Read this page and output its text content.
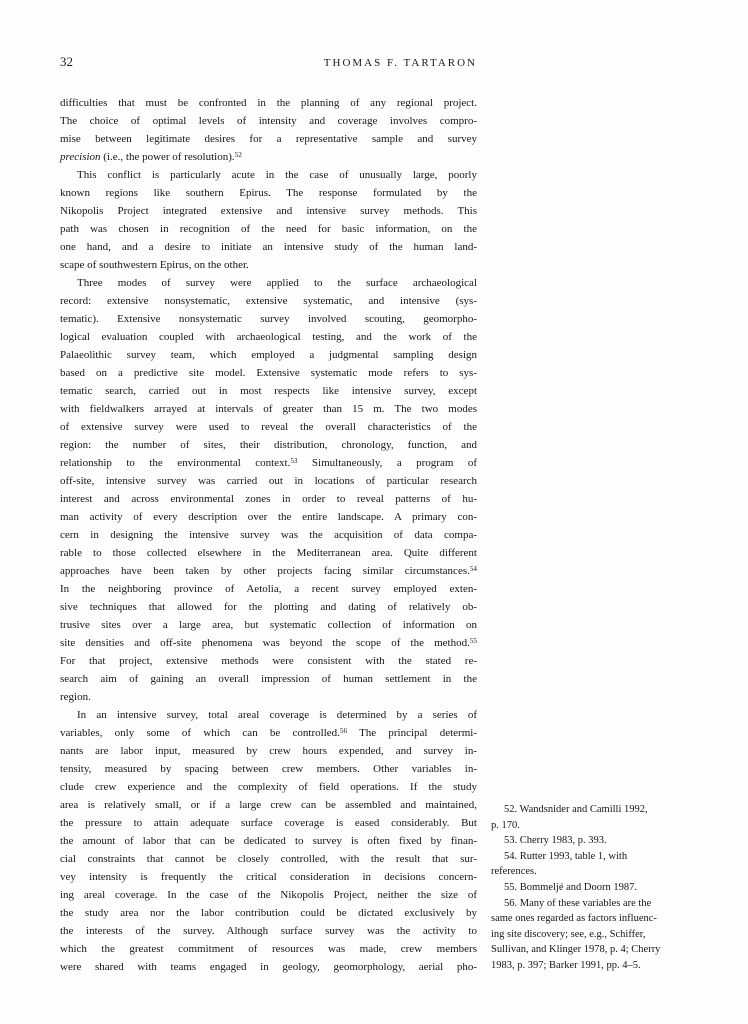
32	THOMAS F. TARTARON
difficulties that must be confronted in the planning of any regional project.
The choice of optimal levels of intensity and coverage involves compro-
mise between legitimate desires for a representative sample and survey
precision (i.e., the power of resolution).$^{52}$
This conflict is particularly acute in the case of unusually large, poorly
known regions like southern Epirus. The response formulated by the
Nikopolis Project integrated extensive and intensive survey methods. This
path was chosen in recognition of the need for basic information, on the
one hand, and a desire to initiate an intensive study of the human land-
scape of southwestern Epirus, on the other.
Three modes of survey were applied to the surface archaeological
record: extensive nonsystematic, extensive systematic, and intensive (sys-
tematic). Extensive nonsystematic survey involved scouting, geomorpho-
logical evaluation coupled with archaeological testing, and the work of the
Palaeolithic survey team, which employed a judgmental sampling design
based on a predictive site model. Extensive systematic mode refers to sys-
tematic search, carried out in most respects like intensive survey, except
with fieldwalkers arrayed at intervals of greater than 15 m. The two modes
of extensive survey were used to reveal the overall characteristics of the
region: the number of sites, their distribution, chronology, function, and
relationship to the environmental context.$^{53}$ Simultaneously, a program of
off-site, intensive survey was carried out in locations of particular research
interest and across environmental zones in order to reveal patterns of hu-
man activity of every description over the entire landscape. A primary con-
cern in designing the intensive survey was the acquisition of data compa-
rable to those collected elsewhere in the Mediterranean area. Quite different
approaches have been taken by other projects facing similar circumstances.$^{54}$
In the neighboring province of Aetolia, a recent survey employed exten-
sive techniques that allowed for the plotting and dating of relatively ob-
trusive sites over a large area, but systematic collection of information on
site densities and off-site phenomena was beyond the scope of the method.$^{55}$
For that project, extensive methods were consistent with the stated re-
search aim of gaining an overall impression of human settlement in the
region.
In an intensive survey, total areal coverage is determined by a series of
variables, only some of which can be controlled.$^{56}$ The principal determi-
nants are labor input, measured by crew hours expended, and survey in-
tensity, measured by spacing between crew members. Other variables in-
clude crew experience and the complexity of field operations. If the study
area is relatively small, or if a large crew can be assembled and maintained,
the pressure to attain adequate surface coverage is eased considerably. But
the amount of labor that can be dedicated to survey is often fixed by finan-
cial constraints that cannot be closely controlled, with the result that sur-
vey intensity is frequently the critical consideration in decisions concern-
ing areal coverage. In the case of the Nikopolis Project, neither the size of
the study area nor the labor contribution could be dictated exclusively by
the interests of the survey. Although surface survey was the activity to
which the greatest commitment of resources was made, crew members
were shared with teams engaged in geology, geomorphology, aerial pho-
52. Wandsnider and Camilli 1992,
p. 170.
53. Cherry 1983, p. 393.
54. Rutter 1993, table 1, with
references.
55. Bommeljé and Doorn 1987.
56. Many of these variables are the
same ones regarded as factors influenc-
ing site discovery; see, e.g., Schiffer,
Sullivan, and Klinger 1978, p. 4; Cherry
1983, p. 397; Barker 1991, pp. 4–5.
